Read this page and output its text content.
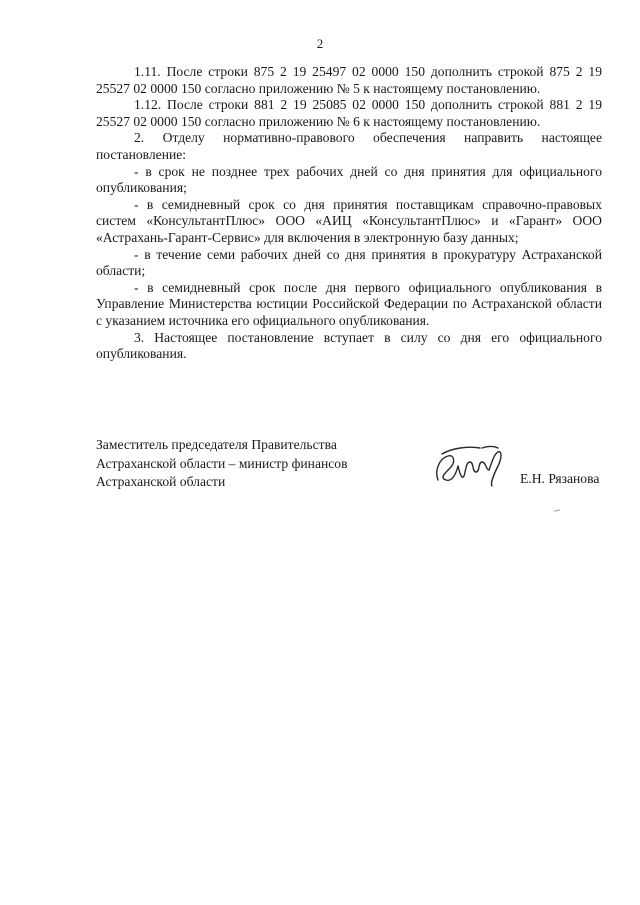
2

1.11. После строки 875 2 19 25497 02 0000 150 дополнить строкой 875 2 19 25527 02 0000 150 согласно приложению № 5 к настоящему постановлению.

1.12. После строки 881 2 19 25085 02 0000 150 дополнить строкой 881 2 19 25527 02 0000 150 согласно приложению № 6 к настоящему постановлению.

2. Отделу нормативно-правового обеспечения направить настоящее постановление:

- в срок не позднее трех рабочих дней со дня принятия для официального опубликования;

- в семидневный срок со дня принятия поставщикам справочно-правовых систем «КонсультантПлюс» ООО «АИЦ «КонсультантПлюс» и «Гарант» ООО «Астрахань-Гарант-Сервис» для включения в электронную базу данных;

- в течение семи рабочих дней со дня принятия в прокуратуру Астраханской области;

- в семидневный срок после дня первого официального опубликования в Управление Министерства юстиции Российской Федерации по Астраханской области с указанием источника его официального опубликования.

3. Настоящее постановление вступает в силу со дня его официального опубликования.

Заместитель председателя Правительства
Астраханской области – министр финансов
Астраханской области	Е.Н. Рязанова
